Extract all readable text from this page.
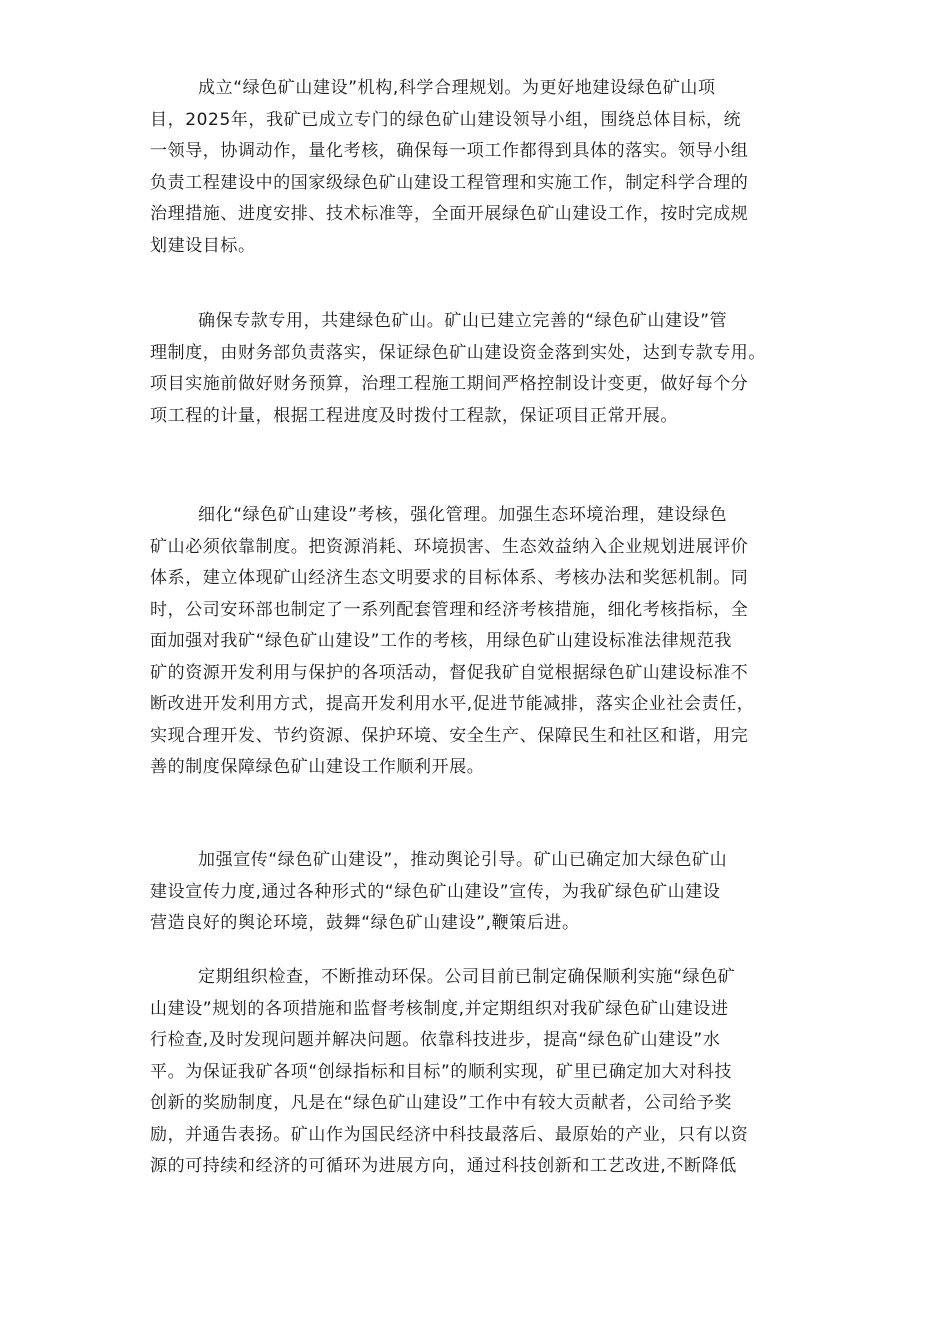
成立“绿色矿山建设”机构,科学合理规划。为更好地建设绿色矿山项
目，2025年，我矿已成立专门的绿色矿山建设领导小组，围绕总体目标，统
一领导，协调动作，量化考核，确保每一项工作都得到具体的落实。领导小组
负责工程建设中的国家级绿色矿山建设工程管理和实施工作，制定科学合理的
治理措施、进度安排、技术标准等，全面开展绿色矿山建设工作，按时完成规
划建设目标。
确保专款专用，共建绿色矿山。矿山已建立完善的“绿色矿山建设”管
理制度，由财务部负责落实，保证绿色矿山建设资金落到实处，达到专款专用。
项目实施前做好财务预算，治理工程施工期间严格控制设计变更，做好每个分
项工程的计量，根据工程进度及时拨付工程款，保证项目正常开展。
细化“绿色矿山建设”考核，强化管理。加强生态环境治理，建设绿色
矿山必须依靠制度。把资源消耗、环境损害、生态效益纳入企业规划进展评价
体系，建立体现矿山经济生态文明要求的目标体系、考核办法和奖惩机制。同
时，公司安环部也制定了一系列配套管理和经济考核措施，细化考核指标，全
面加强对我矿“绿色矿山建设”工作的考核，用绿色矿山建设标准法律规范我
矿的资源开发利用与保护的各项活动，督促我矿自觉根据绿色矿山建设标准不
断改进开发利用方式，提高开发利用水平,促进节能减排，落实企业社会责任，
实现合理开发、节约资源、保护环境、安全生产、保障民生和社区和谐，用完
善的制度保障绿色矿山建设工作顺利开展。
加强宣传“绿色矿山建设”，推动舆论引导。矿山已确定加大绿色矿山
建设宣传力度,通过各种形式的“绿色矿山建设”宣传，为我矿绿色矿山建设
营造良好的舆论环境，鼓舞“绿色矿山建设”,鞭策后进。
定期组织检查，不断推动环保。公司目前已制定确保顺利实施“绿色矿
山建设”规划的各项措施和监督考核制度,并定期组织对我矿绿色矿山建设进
行检查,及时发现问题并解决问题。依靠科技进步，提高“绿色矿山建设”水
平。为保证我矿各项“创绿指标和目标”的顺利实现，矿里已确定加大对科技
创新的奖励制度，凡是在“绿色矿山建设”工作中有较大贡献者，公司给予奖
励，并通告表扬。矿山作为国民经济中科技最落后、最原始的产业，只有以资
源的可持续和经济的可循环为进展方向，通过科技创新和工艺改进,不断降低
